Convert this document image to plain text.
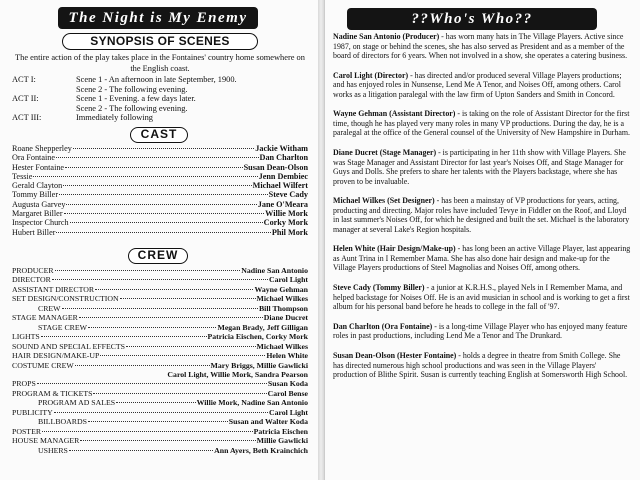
The Night is My Enemy
SYNOPSIS OF SCENES
The entire action of the play takes place in the Fontaines' country home somewhere on the English coast.
ACT I:	Scene 1 - An afternoon in late September, 1900.
Scene 2 - The following evening.
ACT II:	Scene 1 - Evening. a few days later.
Scene 2 - The following evening.
ACT III:	Immediately following
CAST
Roane Shepperley	Jackie Witham
Ora Fontaine	Dan Charlton
Hester Fontaine	Susan Dean-Olson
Tessie	Jenn Dembiec
Gerald Clayton	Michael Wilfert
Tommy Biller	Steve Cady
Augusta Garvey	Jane O'Meara
Margaret Biller	Willie Mork
Inspector Church	Corky Mork
Hubert Biller	Phil Mork
CREW
PRODUCER	Nadine San Antonio
DIRECTOR	Carol Light
ASSISTANT DIRECTOR	Wayne Gehman
SET DESIGN/CONSTRUCTION	Michael Wilkes
CREW	Bill Thompson
STAGE MANAGER	Diane Ducret
STAGE CREW	Megan Brady, Jeff Gilligan
LIGHTS	Patricia Eischen, Corky Mork
SOUND AND SPECIAL EFFECTS	Michael Wilkes
HAIR DESIGN/MAKE-UP	Helen White
COSTUME CREW	Mary Briggs, Millie Gawlicki
Carol Light, Willie Mork, Sandra Pearson
PROPS	Susan Koda
PROGRAM & TICKETS	Carol Bense
PROGRAM AD SALES	Willie Mork, Nadine San Antonio
PUBLICITY	Carol Light
BILLBOARDS	Susan and Walter Koda
POSTER	Patricia Eischen
HOUSE MANAGER	Millie Gawlicki
USHERS	Ann Ayers, Beth Krainchich
??Who's Who??

Nadine San Antonio (Producer) - has worn many hats in The Village Players. Active since 1987, on stage or behind the scenes, she has also served as President and as a member of the board of directors for 6 years. When not involved in a show, she operates a catering business.

Carol Light (Director) - has directed and/or produced several Village Players productions; and has enjoyed roles in Nunsense, Lend Me A Tenor, and Noises Off, among others. Carol works as a litigation paralegal with the law firm of Upton Sanders and Smith in Concord.

Wayne Gehman (Assistant Director) - is taking on the role of Assistant Director for the first time, though he has played very many roles in many VP productions. During the day, he is a paralegal at the office of the General counsel of the University of New Hampshire in Durham.

Diane Ducret (Stage Manager) - is participating in her 11th show with Village Players. She was Stage Manager and Assistant Director for last year's Noises Off, and Stage Manager for Guys and Dolls. She prefers to share her talents with the Players backstage, where she has proven to be invaluable.

Michael Wilkes (Set Designer) - has been a mainstay of VP productions for years, acting, producting and directing. Major roles have included Tevye in Fiddler on the Roof, and Lloyd in last summer's Noises Off, for which he designed and built the set. Michael is the laboratory manager at several Lake's Region hospitals.

Helen White (Hair Design/Make-up) - has long been an active Village Player, last appearing as Aunt Trina in I Remember Mama. She has also done hair design and make-up for the Village Players productions of Steel Magnolias and Noises Off, among others.

Steve Cady (Tommy Biller) - a junior at K.R.H.S., played Nels in I Remember Mama, and helped backstage for Noises Off. He is an avid musician in school and is working to get a first album for his personal band before he heads to college in the fall of '97.

Dan Charlton (Ora Fontaine) - is a long-time Village Player who has enjoyed many feature roles in past productions, including Lend Me a Tenor and The Drunkard.

Susan Dean-Olson (Hester Fontaine) - holds a degree in theatre from Smith College. She has directed numerous high school productions and was seen in the Village Players' production of Blithe Spirit. Susan is currently teaching English at Somersworth High School.
